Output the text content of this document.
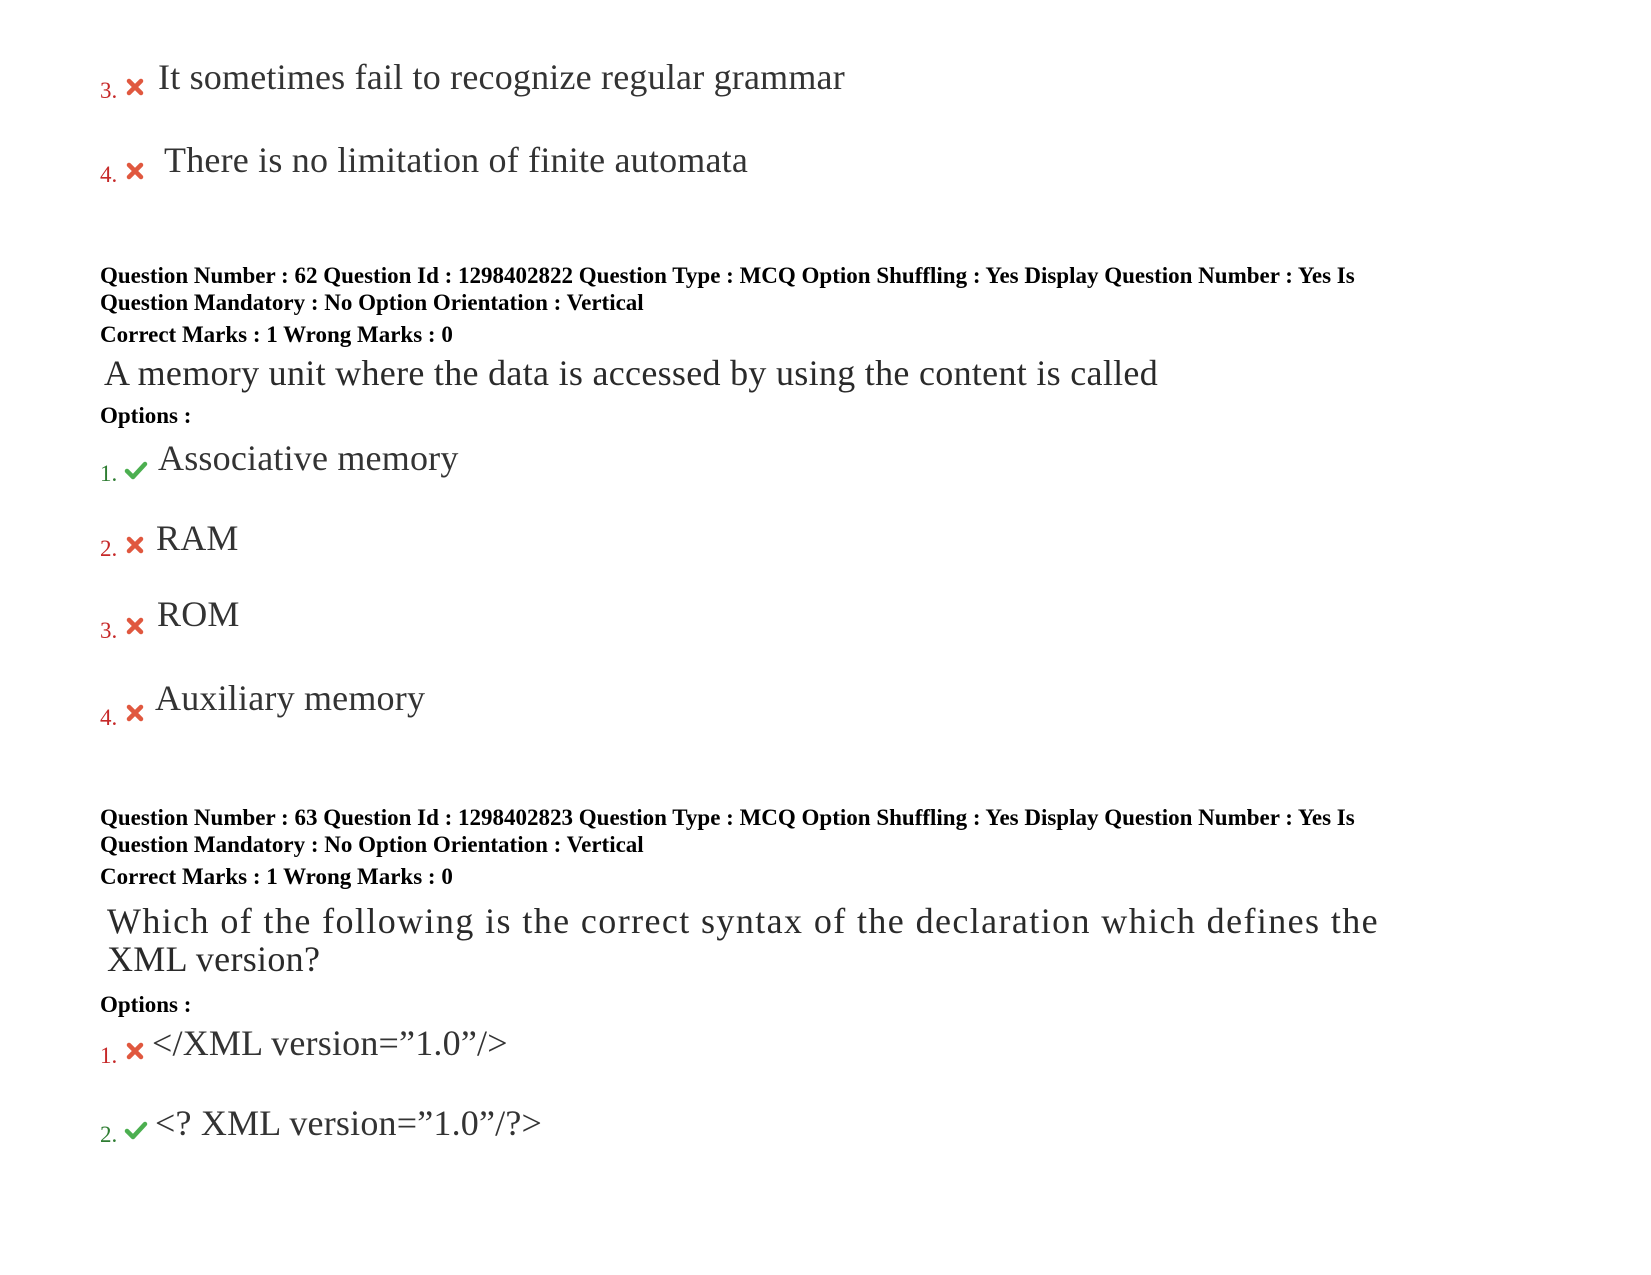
3. It sometimes fail to recognize regular grammar
4. There is no limitation of finite automata
Question Number : 62 Question Id : 1298402822 Question Type : MCQ Option Shuffling : Yes Display Question Number : Yes Is
Question Mandatory : No Option Orientation : Vertical
Correct Marks : 1 Wrong Marks : 0
A memory unit where the data is accessed by using the content is called
Options :
1. Associative memory
2. RAM
3. ROM
4. Auxiliary memory
Question Number : 63 Question Id : 1298402823 Question Type : MCQ Option Shuffling : Yes Display Question Number : Yes Is
Question Mandatory : No Option Orientation : Vertical
Correct Marks : 1 Wrong Marks : 0
Which of the following is the correct syntax of the declaration which defines the
XML version?
Options :
1. </XML version=”1.0”/>
2. <? XML version=”1.0”/?>
